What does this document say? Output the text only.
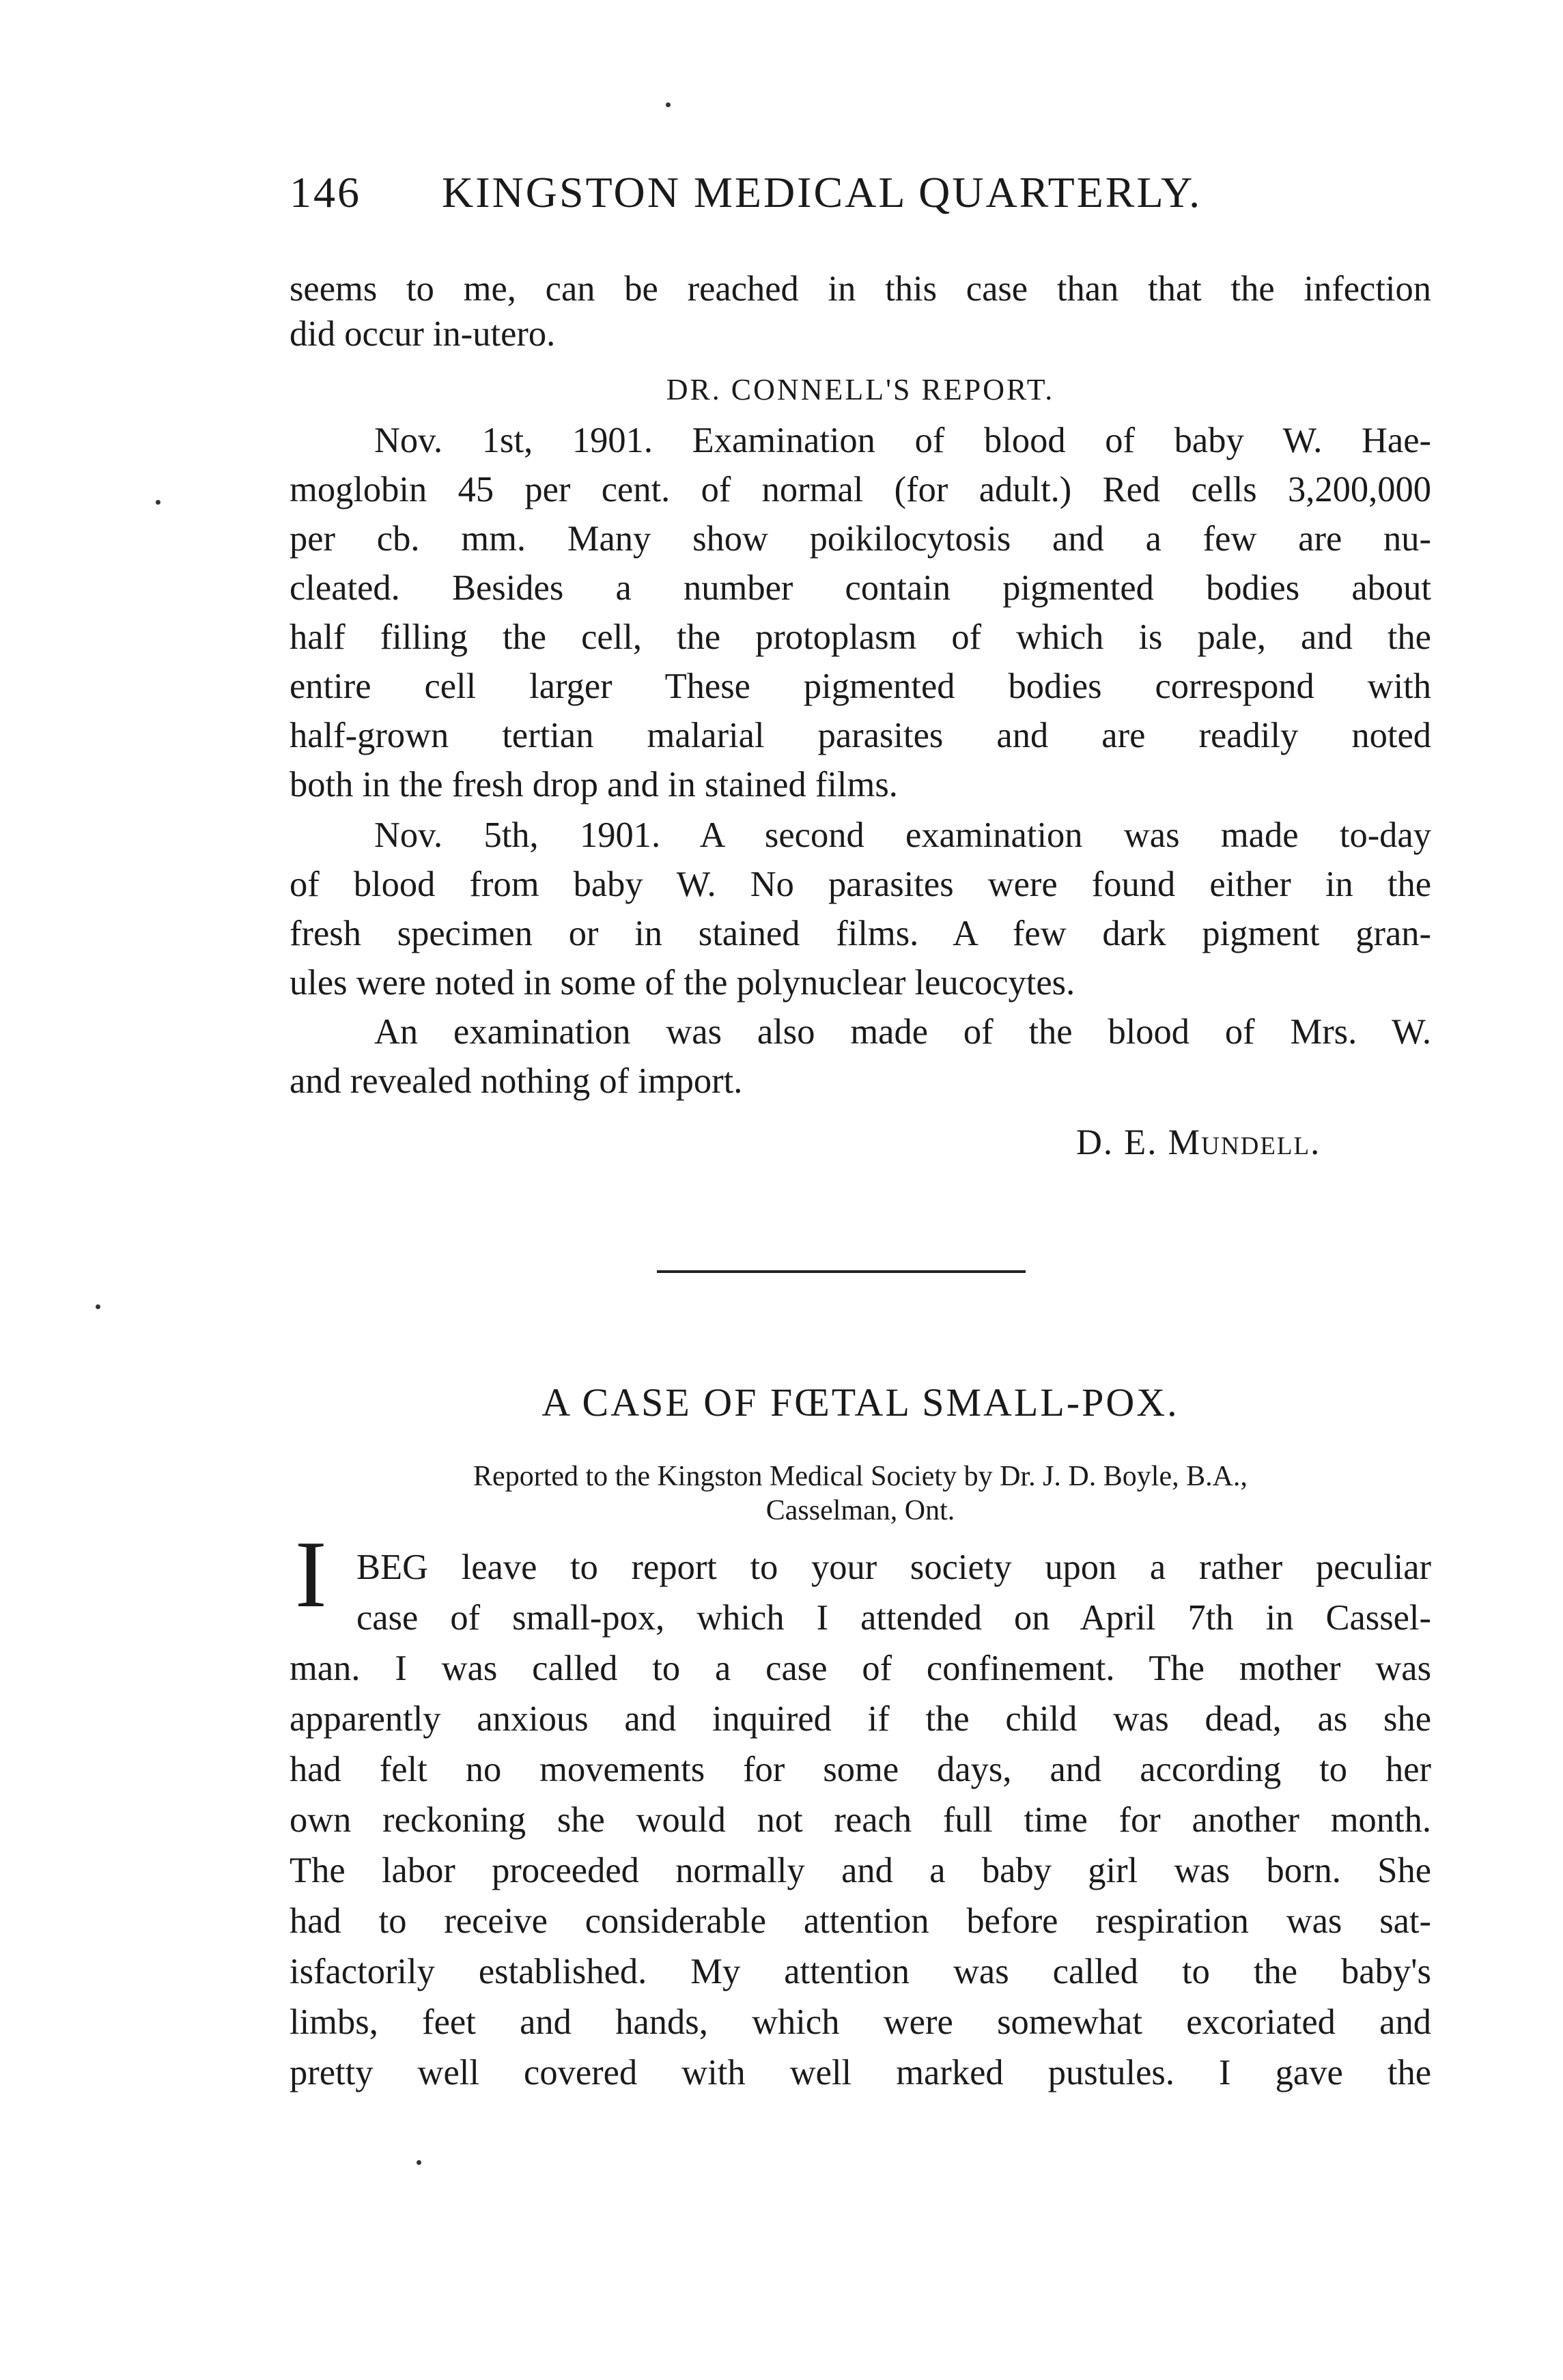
146 KINGSTON MEDICAL QUARTERLY.
seems to me, can be reached in this case than that the infection
did occur in-utero.
DR. CONNELL'S REPORT.
Nov. 1st, 1901. Examination of blood of baby W. Hae-
moglobin 45 per cent. of normal (for adult.) Red cells 3,200,000
per cb. mm. Many show poikilocytosis and a few are nu-
cleated. Besides a number contain pigmented bodies about
half filling the cell, the protoplasm of which is pale, and the
entire cell larger These pigmented bodies correspond with
half-grown tertian malarial parasites and are readily noted
both in the fresh drop and in stained films.
Nov. 5th, 1901. A second examination was made to-day
of blood from baby W. No parasites were found either in the
fresh specimen or in stained films. A few dark pigment gran-
ules were noted in some of the polynuclear leucocytes.
An examination was also made of the blood of Mrs. W.
and revealed nothing of import.
D. E. Mundell.
A CASE OF FŒTAL SMALL-POX.
Reported to the Kingston Medical Society by Dr. J. D. Boyle, B.A.,
Casselman, Ont.
I BEG leave to report to your society upon a rather peculiar
case of small-pox, which I attended on April 7th in Cassel-
man. I was called to a case of confinement. The mother was
apparently anxious and inquired if the child was dead, as she
had felt no movements for some days, and according to her
own reckoning she would not reach full time for another month.
The labor proceeded normally and a baby girl was born. She
had to receive considerable attention before respiration was sat-
isfactorily established. My attention was called to the baby's
limbs, feet and hands, which were somewhat excoriated and
pretty well covered with well marked pustules. I gave the
